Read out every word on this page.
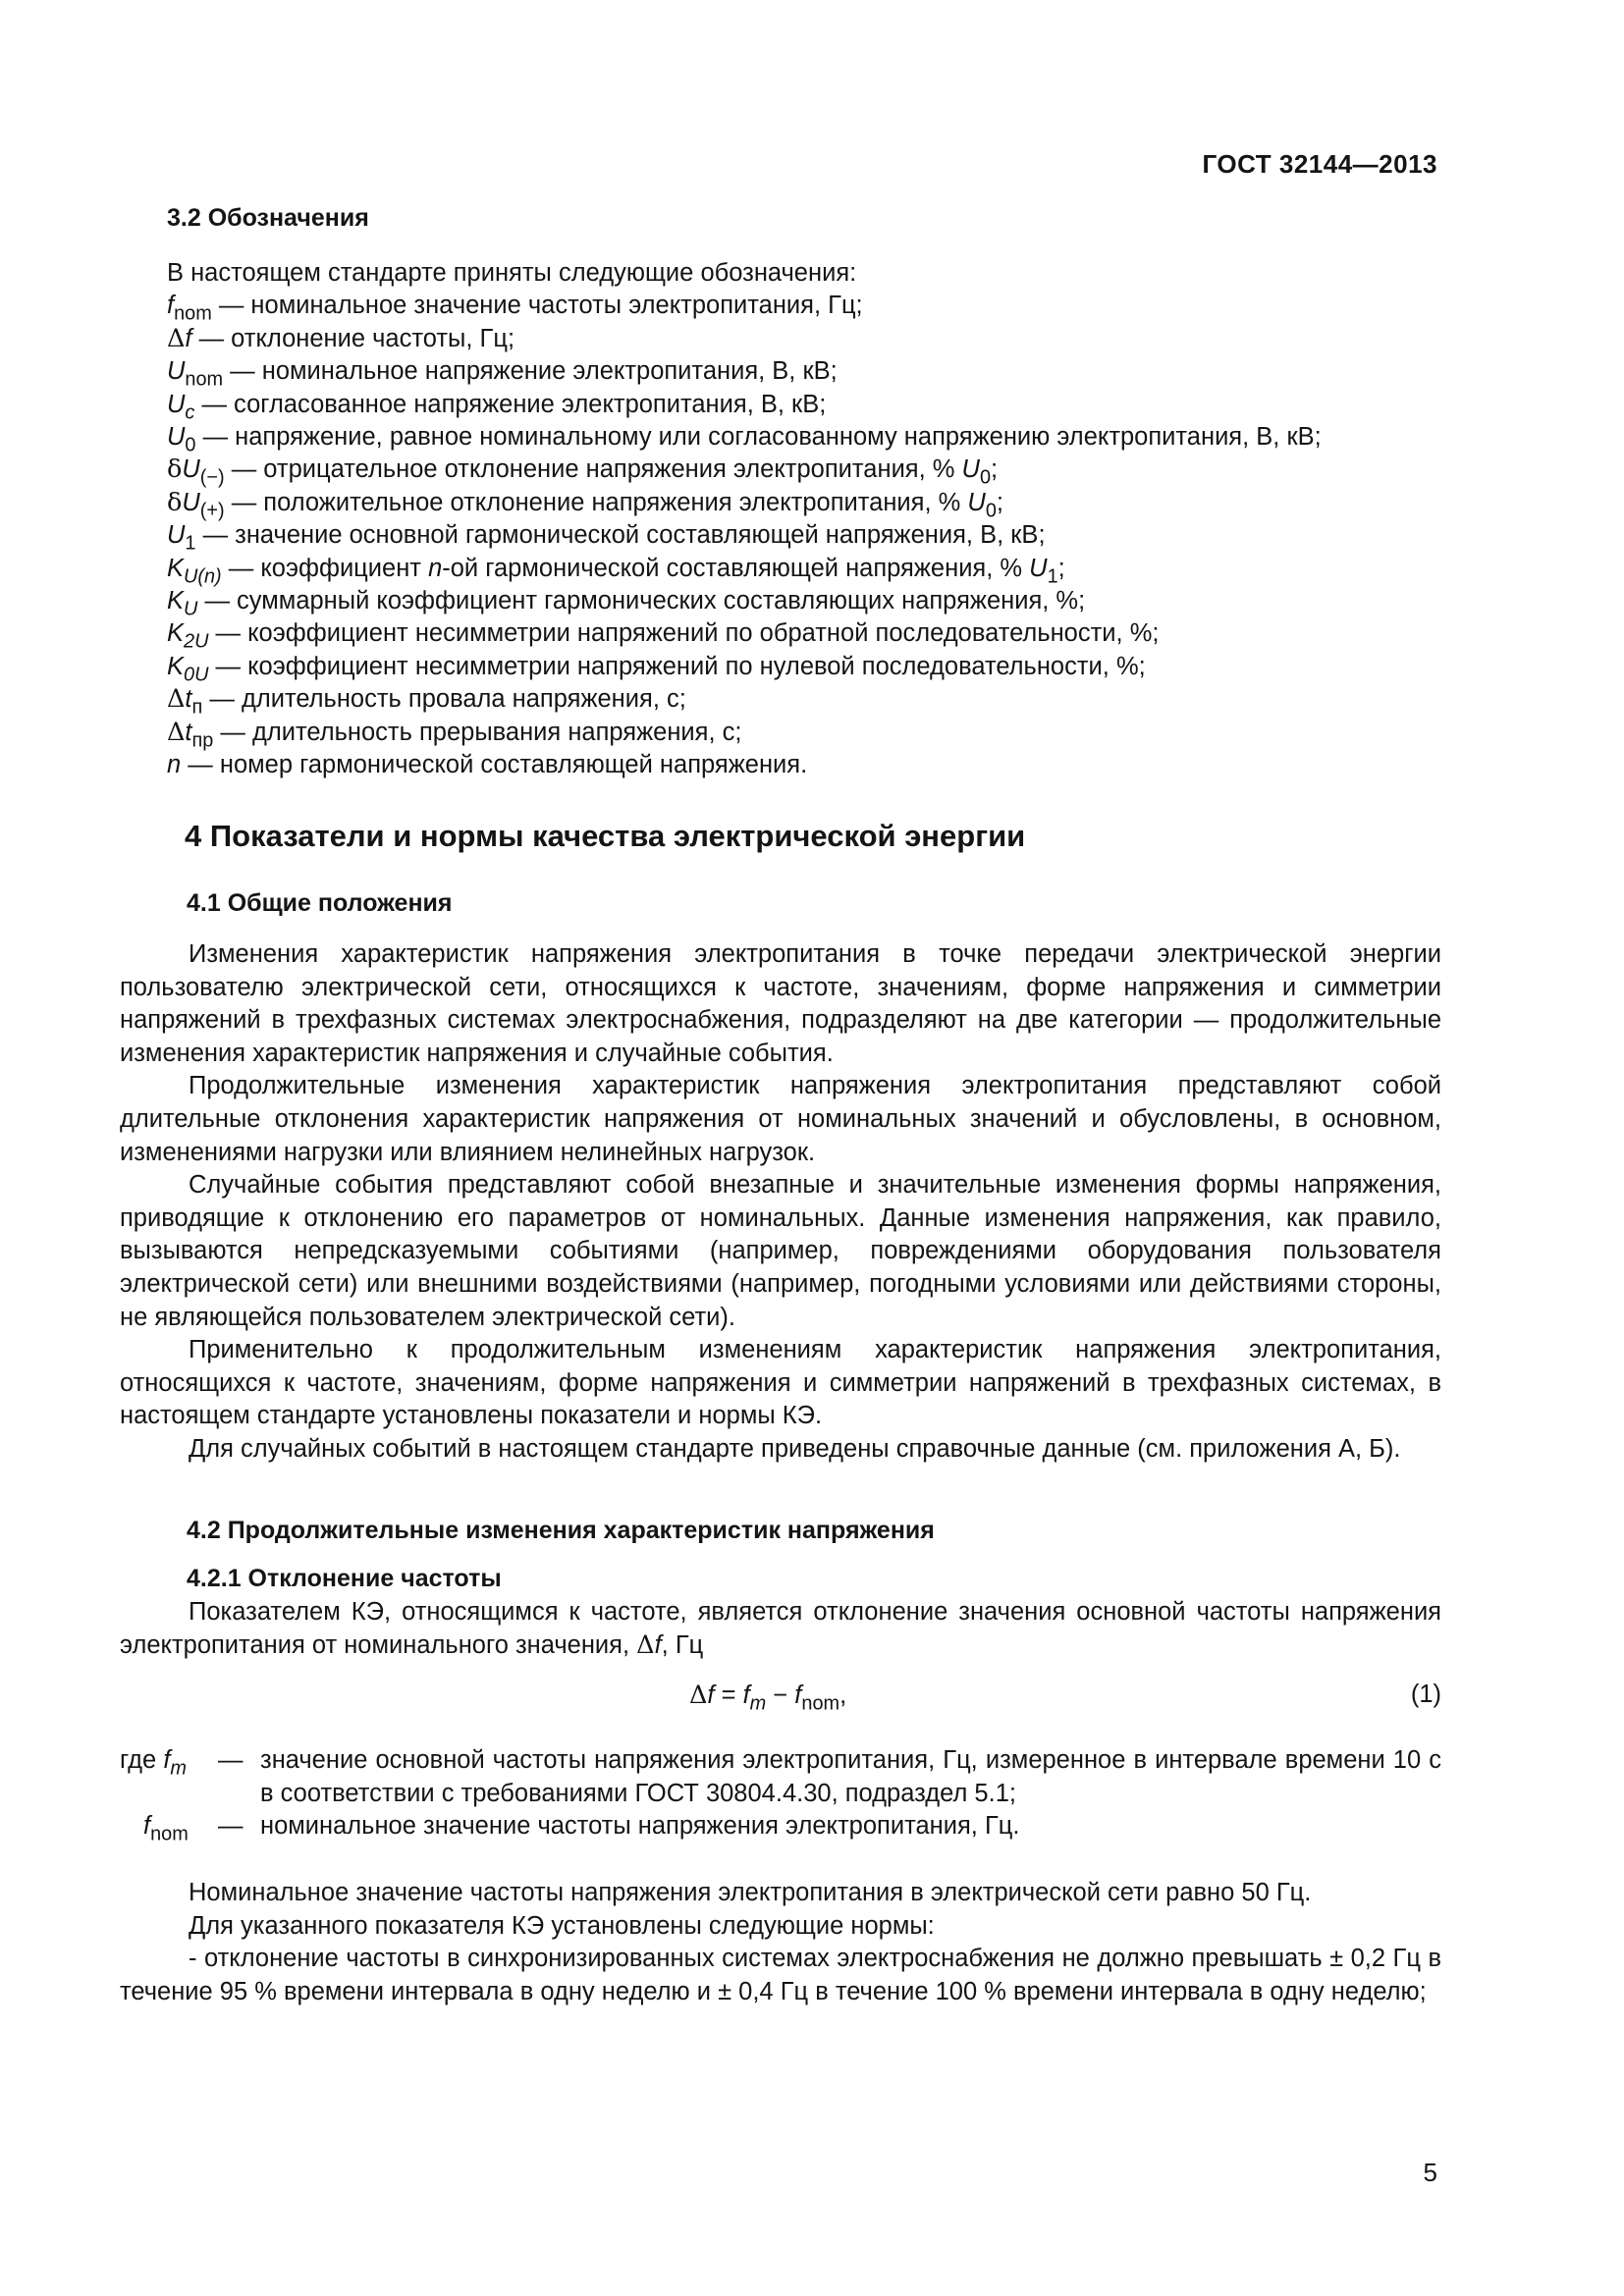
ГОСТ 32144—2013
3.2 Обозначения
В настоящем стандарте приняты следующие обозначения:
$f_{nom}$ — номинальное значение частоты электропитания, Гц;
Δf — отклонение частоты, Гц;
$U_{nom}$ — номинальное напряжение электропитания, В, кВ;
$U_c$ — согласованное напряжение электропитания, В, кВ;
$U_0$ — напряжение, равное номинальному или согласованному напряжению электропитания, В, кВ;
$\delta U_{(-)}$ — отрицательное отклонение напряжения электропитания, % $U_0$;
$\delta U_{(+)}$ — положительное отклонение напряжения электропитания, % $U_0$;
$U_1$ — значение основной гармонической составляющей напряжения, В, кВ;
$K_{U(n)}$ — коэффициент n-ой гармонической составляющей напряжения, % $U_1$;
$K_U$ — суммарный коэффициент гармонических составляющих напряжения, %;
$K_{2U}$ — коэффициент несимметрии напряжений по обратной последовательности, %;
$K_{0U}$ — коэффициент несимметрии напряжений по нулевой последовательности, %;
$\Delta t_п$ — длительность провала напряжения, с;
$\Delta t_{пр}$ — длительность прерывания напряжения, с;
n — номер гармонической составляющей напряжения.
4 Показатели и нормы качества электрической энергии
4.1 Общие положения

Изменения характеристик напряжения электропитания в точке передачи электрической энергии пользователю электрической сети, относящихся к частоте, значениям, форме напряжения и симметрии напряжений в трехфазных системах электроснабжения, подразделяют на две категории — продолжительные изменения характеристик напряжения и случайные события.

Продолжительные изменения характеристик напряжения электропитания представляют собой длительные отклонения характеристик напряжения от номинальных значений и обусловлены, в основном, изменениями нагрузки или влиянием нелинейных нагрузок.

Случайные события представляют собой внезапные и значительные изменения формы напряжения, приводящие к отклонению его параметров от номинальных. Данные изменения напряжения, как правило, вызываются непредсказуемыми событиями (например, повреждениями оборудования пользователя электрической сети) или внешними воздействиями (например, погодными условиями или действиями стороны, не являющейся пользователем электрической сети).

Применительно к продолжительным изменениям характеристик напряжения электропитания, относящихся к частоте, значениям, форме напряжения и симметрии напряжений в трехфазных системах, в настоящем стандарте установлены показатели и нормы КЭ.

Для случайных событий в настоящем стандарте приведены справочные данные (см. приложения А, Б).

4.2 Продолжительные изменения характеристик напряжения
4.2.1 Отклонение частоты

Показателем КЭ, относящимся к частоте, является отклонение значения основной частоты напряжения электропитания от номинального значения, Δf, Гц

$\Delta f = f_m - f_{nom}$,	(1)
где $f_m$ — значение основной частоты напряжения электропитания, Гц, измеренное в интервале времени 10 с в соответствии с требованиями ГОСТ 30804.4.30, подраздел 5.1;
$f_{nom}$ — номинальное значение частоты напряжения электропитания, Гц.

Номинальное значение частоты напряжения электропитания в электрической сети равно 50 Гц.

Для указанного показателя КЭ установлены следующие нормы:

- отклонение частоты в синхронизированных системах электроснабжения не должно превышать ± 0,2 Гц в течение 95 % времени интервала в одну неделю и ± 0,4 Гц в течение 100 % времени интервала в одну неделю;

5
